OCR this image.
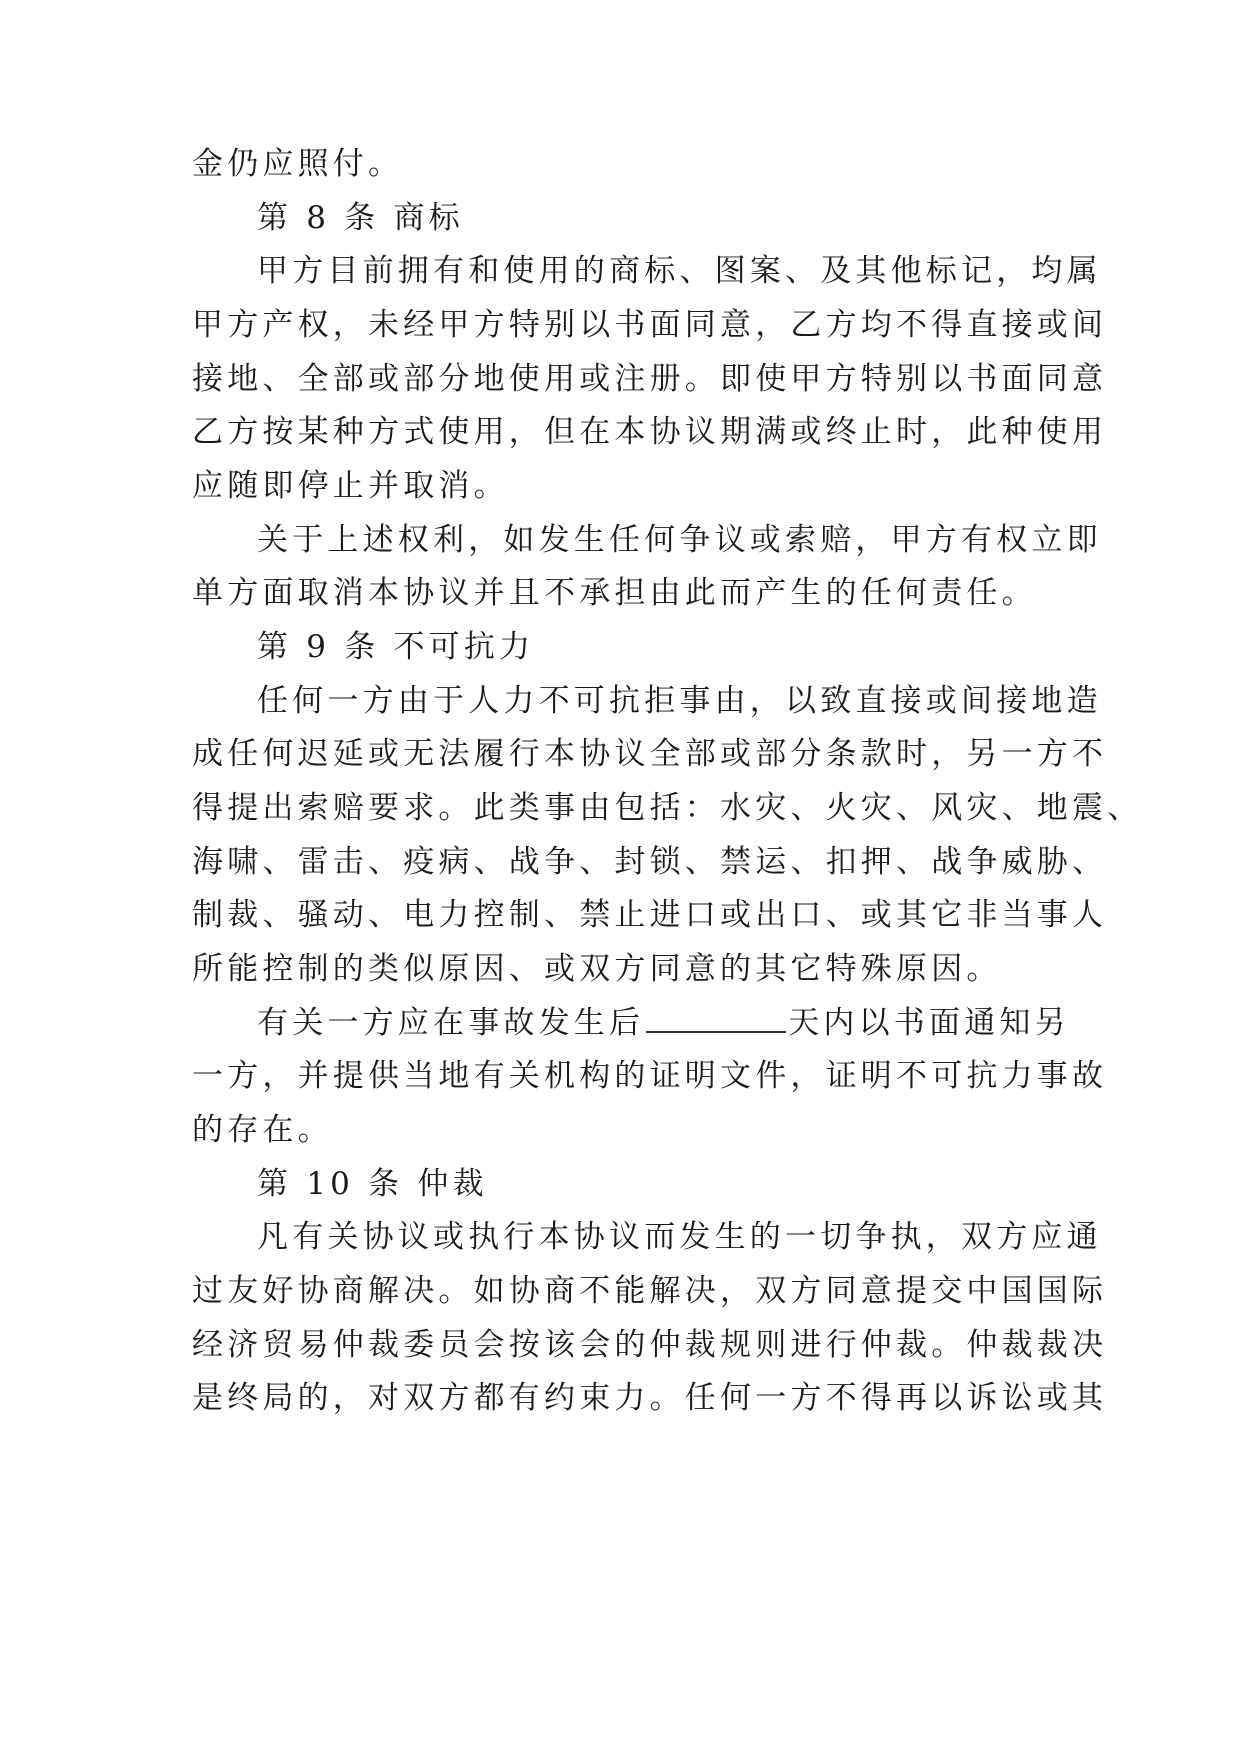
金仍应照付。
第 8 条 商标
甲方目前拥有和使用的商标、图案、及其他标记，均属
甲方产权，未经甲方特别以书面同意，乙方均不得直接或间
接地、全部或部分地使用或注册。即使甲方特别以书面同意
乙方按某种方式使用，但在本协议期满或终止时，此种使用
应随即停止并取消。
关于上述权利，如发生任何争议或索赔，甲方有权立即
单方面取消本协议并且不承担由此而产生的任何责任。
第 9 条 不可抗力
任何一方由于人力不可抗拒事由，以致直接或间接地造
成任何迟延或无法履行本协议全部或部分条款时，另一方不
得提出索赔要求。此类事由包括：水灾、火灾、风灾、地震、
海啸、雷击、疫病、战争、封锁、禁运、扣押、战争威胁、
制裁、骚动、电力控制、禁止进口或出口、或其它非当事人
所能控制的类似原因、或双方同意的其它特殊原因。
有关一方应在事故发生后	天内以书面通知另
一方，并提供当地有关机构的证明文件，证明不可抗力事故
的存在。
第 10 条 仲裁
凡有关协议或执行本协议而发生的一切争执，双方应通
过友好协商解决。如协商不能解决，双方同意提交中国国际
经济贸易仲裁委员会按该会的仲裁规则进行仲裁。仲裁裁决
是终局的，对双方都有约束力。任何一方不得再以诉讼或其
